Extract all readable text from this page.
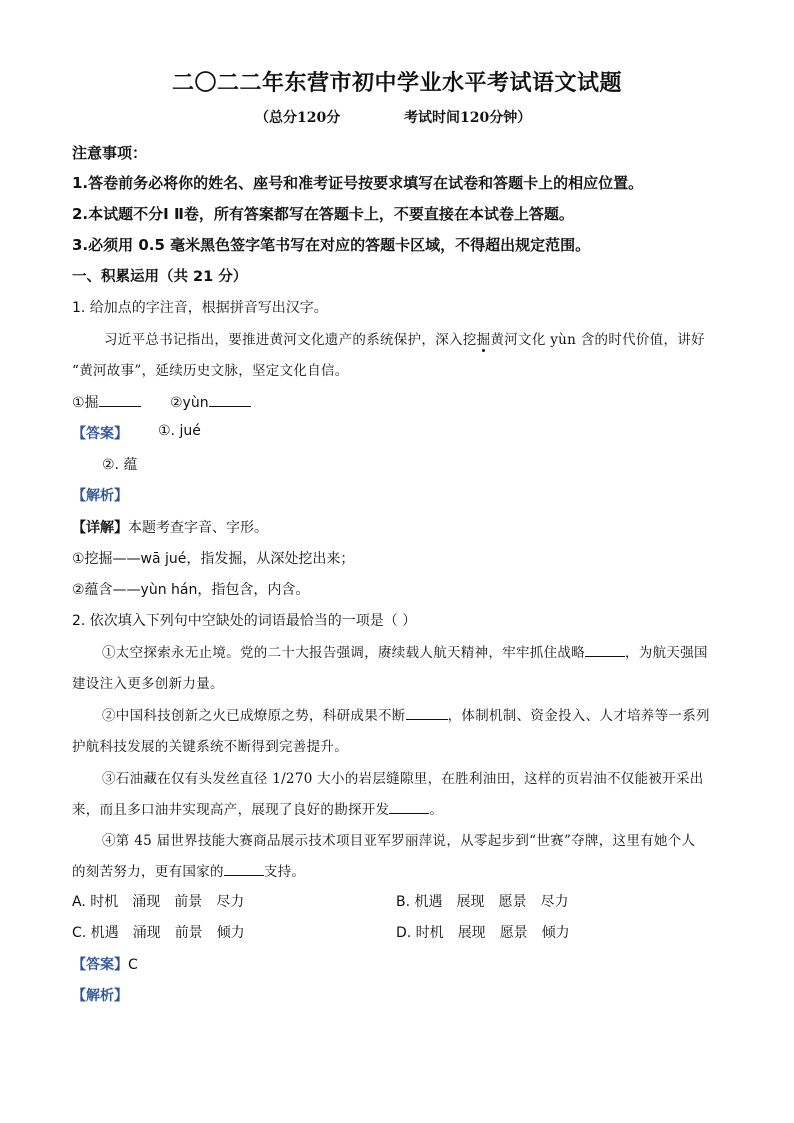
二〇二二年东营市初中学业水平考试语文试题
（总分120分	考试时间120分钟）
注意事项：
1.答卷前务必将你的姓名、座号和准考证号按要求填写在试卷和答题卡上的相应位置。
2.本试题不分Ⅰ Ⅱ卷，所有答案都写在答题卡上，不要直接在本试卷上答题。
3.必须用 0.5 毫米黑色签字笔书写在对应的答题卡区域，不得超出规定范围。
一、积累运用（共 21 分）
1. 给加点的字注音，根据拼音写出汉字。
习近平总书记指出，要推进黄河文化遗产的系统保护，深入挖掘黄河文化 yùn 含的时代价值，讲好
“黄河故事”，延续历史文脉，坚定文化自信。
①掘	②yùn
【答案】 ①. jué
②. 蕴
【解析】
【详解】本题考查字音、字形。
①挖掘——wā jué，指发掘，从深处挖出来；
②蕴含——yùn hán，指包含，内含。
2. 依次填入下列句中空缺处的词语最恰当的一项是（ ）
①太空探索永无止境。党的二十大报告强调，赓续载人航天精神，牢牢抓住战略	，为航天强国
建设注入更多创新力量。
②中国科技创新之火已成燎原之势，科研成果不断	，体制机制、资金投入、人才培养等一系列
护航科技发展的关键系统不断得到完善提升。
③石油藏在仅有头发丝直径 1/270 大小的岩层缝隙里，在胜利油田，这样的页岩油不仅能被开采出
来，而且多口油井实现高产，展现了良好的勘探开发	。
④第 45 届世界技能大赛商品展示技术项目亚军罗丽萍说，从零起步到“世赛”夺牌，这里有她个人
的刻苦努力，更有国家的	支持。
A. 时机 涌现 前景 尽力	B. 机遇 展现 愿景 尽力
C. 机遇 涌现 前景 倾力	D. 时机 展现 愿景 倾力
【答案】C
【解析】
